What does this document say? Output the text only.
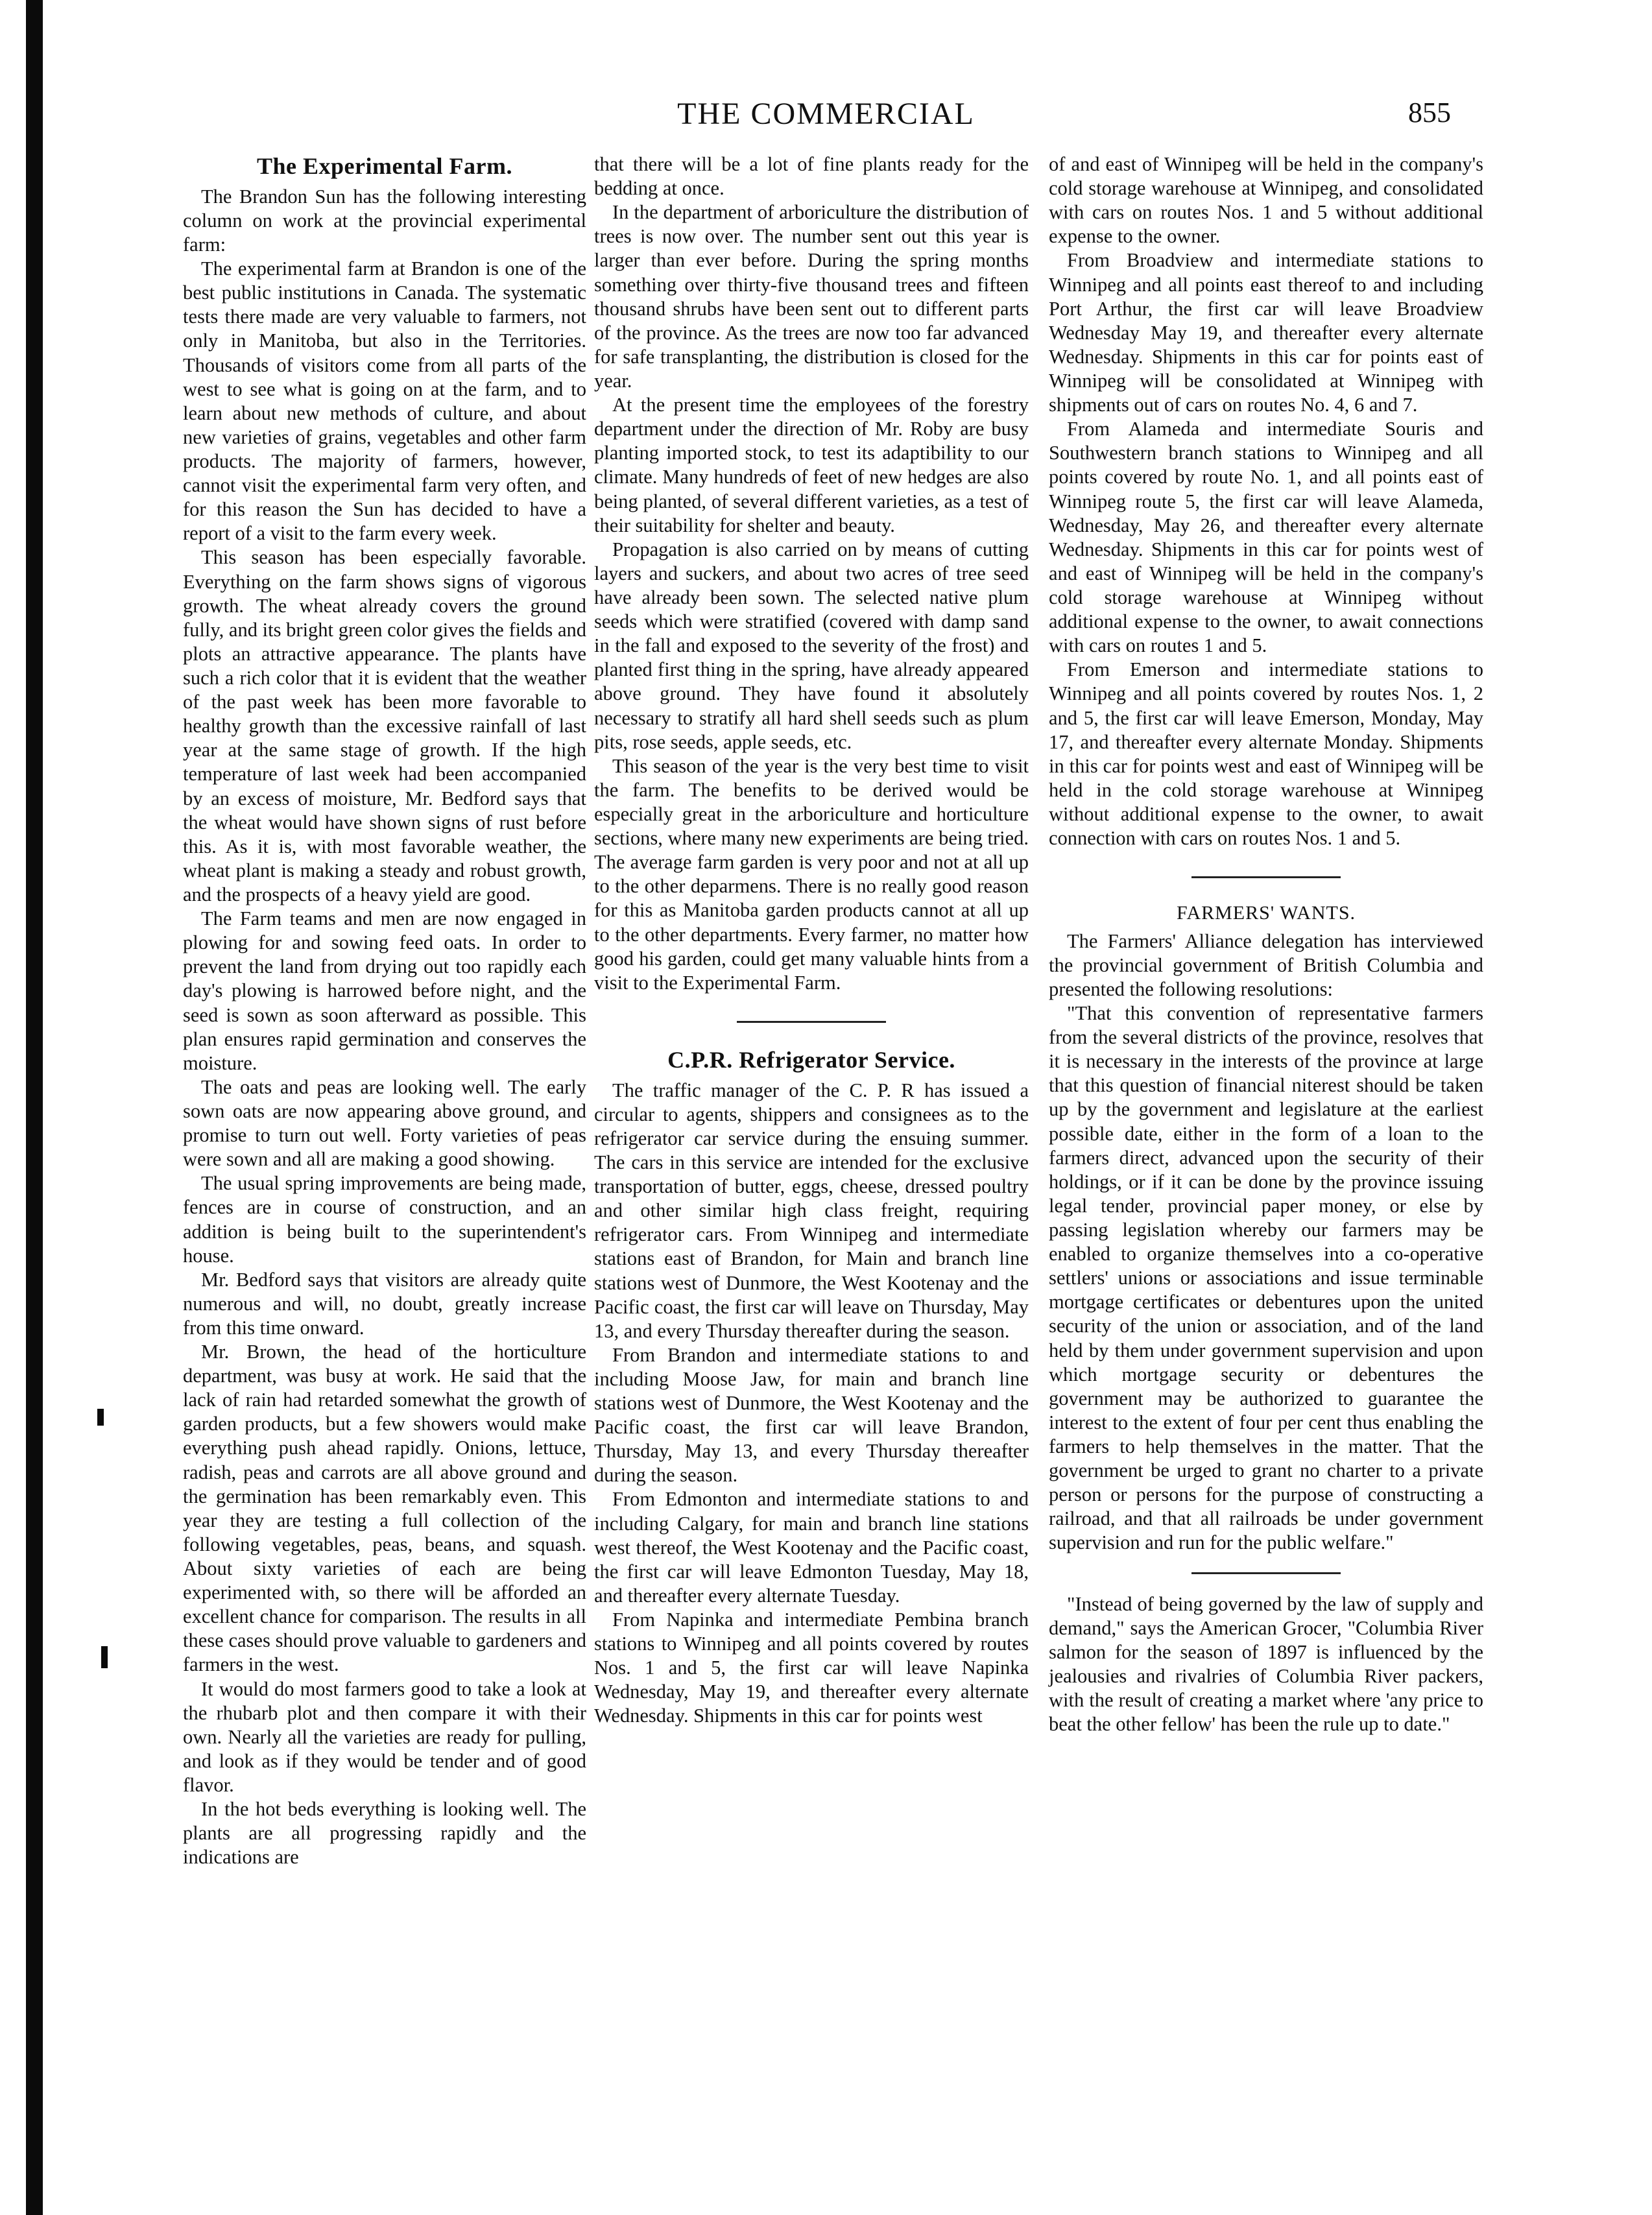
THE COMMERCIAL	855
The Experimental Farm.

The Brandon Sun has the following interesting column on work at the provincial experimental farm:

The experimental farm at Brandon is one of the best public institutions in Canada. The systematic tests there made are very valuable to farmers, not only in Manitoba, but also in the Territories. Thousands of visitors come from all parts of the west to see what is going on at the farm, and to learn about new methods of culture, and about new varieties of grains, vegetables and other farm products. The majority of farmers, however, cannot visit the experimental farm very often, and for this reason the Sun has decided to have a report of a visit to the farm every week.

This season has been especially favorable. Everything on the farm shows signs of vigorous growth. The wheat already covers the ground fully, and its bright green color gives the fields and plots an attractive appearance. The plants have such a rich color that it is evident that the weather of the past week has been more favorable to healthy growth than the excessive rainfall of last year at the same stage of growth. If the high temperature of last week had been accompanied by an excess of moisture, Mr. Bedford says that the wheat would have shown signs of rust before this. As it is, with most favorable weather, the wheat plant is making a steady and robust growth, and the prospects of a heavy yield are good.

The Farm teams and men are now engaged in plowing for and sowing feed oats. In order to prevent the land from drying out too rapidly each day's plowing is harrowed before night, and the seed is sown as soon afterward as possible. This plan ensures rapid germination and conserves the moisture.

The oats and peas are looking well. The early sown oats are now appearing above ground, and promise to turn out well. Forty varieties of peas were sown and all are making a good showing.

The usual spring improvements are being made, fences are in course of construction, and an addition is being built to the superintendent's house.

Mr. Bedford says that visitors are already quite numerous and will, no doubt, greatly increase from this time onward.

Mr. Brown, the head of the horticulture department, was busy at work. He said that the lack of rain had retarded somewhat the growth of garden products, but a few showers would make everything push ahead rapidly. Onions, lettuce, radish, peas and carrots are all above ground and the germination has been remarkably even. This year they are testing a full collection of the following vegetables, peas, beans, and squash. About sixty varieties of each are being experimented with, so there will be afforded an excellent chance for comparison. The results in all these cases should prove valuable to gardeners and farmers in the west.

It would do most farmers good to take a look at the rhubarb plot and then compare it with their own. Nearly all the varieties are ready for pulling, and look as if they would be tender and of good flavor.

In the hot beds everything is looking well. The plants are all progressing rapidly and the indications are

that there will be a lot of fine plants ready for the bedding at once.

In the department of arboriculture the distribution of trees is now over. The number sent out this year is larger than ever before. During the spring months something over thirty-five thousand trees and fifteen thousand shrubs have been sent out to different parts of the province. As the trees are now too far advanced for safe transplanting, the distribution is closed for the year.

At the present time the employees of the forestry department under the direction of Mr. Roby are busy planting imported stock, to test its adaptibility to our climate. Many hundreds of feet of new hedges are also being planted, of several different varieties, as a test of their suitability for shelter and beauty.

Propagation is also carried on by means of cutting layers and suckers, and about two acres of tree seed have already been sown. The selected native plum seeds which were stratified (covered with damp sand in the fall and exposed to the severity of the frost) and planted first thing in the spring, have already appeared above ground. They have found it absolutely necessary to stratify all hard shell seeds such as plum pits, rose seeds, apple seeds, etc.

This season of the year is the very best time to visit the farm. The benefits to be derived would be especially great in the arboriculture and horticulture sections, where many new experiments are being tried. The average farm garden is very poor and not at all up to the other deparmens. There is no really good reason for this as Manitoba garden products cannot at all up to the other departments. Every farmer, no matter how good his garden, could get many valuable hints from a visit to the Experimental Farm.

C.P.R. Refrigerator Service.

The traffic manager of the C. P. R has issued a circular to agents, shippers and consignees as to the refrigerator car service during the ensuing summer. The cars in this service are intended for the exclusive transportation of butter, eggs, cheese, dressed poultry and other similar high class freight, requiring refrigerator cars. From Winnipeg and intermediate stations east of Brandon, for Main and branch line stations west of Dunmore, the West Kootenay and the Pacific coast, the first car will leave on Thursday, May 13, and every Thursday thereafter during the season.

From Brandon and intermediate stations to and including Moose Jaw, for main and branch line stations west of Dunmore, the West Kootenay and the Pacific coast, the first car will leave Brandon, Thursday, May 13, and every Thursday thereafter during the season.

From Edmonton and intermediate stations to and including Calgary, for main and branch line stations west thereof, the West Kootenay and the Pacific coast, the first car will leave Edmonton Tuesday, May 18, and thereafter every alternate Tuesday.

From Napinka and intermediate Pembina branch stations to Winnipeg and all points covered by routes Nos. 1 and 5, the first car will leave Napinka Wednesday, May 19, and thereafter every alternate Wednesday. Shipments in this car for points west

of and east of Winnipeg will be held in the company's cold storage warehouse at Winnipeg, and consolidated with cars on routes Nos. 1 and 5 without additional expense to the owner.

From Broadview and intermediate stations to Winnipeg and all points east thereof to and including Port Arthur, the first car will leave Broadview Wednesday May 19, and thereafter every alternate Wednesday. Shipments in this car for points east of Winnipeg will be consolidated at Winnipeg with shipments out of cars on routes No. 4, 6 and 7.

From Alameda and intermediate Souris and Southwestern branch stations to Winnipeg and all points covered by route No. 1, and all points east of Winnipeg route 5, the first car will leave Alameda, Wednesday, May 26, and thereafter every alternate Wednesday. Shipments in this car for points west of and east of Winnipeg will be held in the company's cold storage warehouse at Winnipeg without additional expense to the owner, to await connections with cars on routes 1 and 5.

From Emerson and intermediate stations to Winnipeg and all points covered by routes Nos. 1, 2 and 5, the first car will leave Emerson, Monday, May 17, and thereafter every alternate Monday. Shipments in this car for points west and east of Winnipeg will be held in the cold storage warehouse at Winnipeg without additional expense to the owner, to await connection with cars on routes Nos. 1 and 5.

FARMERS' WANTS.

The Farmers' Alliance delegation has interviewed the provincial government of British Columbia and presented the following resolutions:

"That this convention of representative farmers from the several districts of the province, resolves that it is necessary in the interests of the province at large that this question of financial niterest should be taken up by the government and legislature at the earliest possible date, either in the form of a loan to the farmers direct, advanced upon the security of their holdings, or if it can be done by the province issuing legal tender, provincial paper money, or else by passing legislation whereby our farmers may be enabled to organize themselves into a co-operative settlers' unions or associations and issue terminable mortgage certificates or debentures upon the united security of the union or association, and of the land held by them under government supervision and upon which mortgage security or debentures the government may be authorized to guarantee the interest to the extent of four per cent thus enabling the farmers to help themselves in the matter. That the government be urged to grant no charter to a private person or persons for the purpose of constructing a railroad, and that all railroads be under government supervision and run for the public welfare."

"Instead of being governed by the law of supply and demand," says the American Grocer, "Columbia River salmon for the season of 1897 is influenced by the jealousies and rivalries of Columbia River packers, with the result of creating a market where 'any price to beat the other fellow' has been the rule up to date."
